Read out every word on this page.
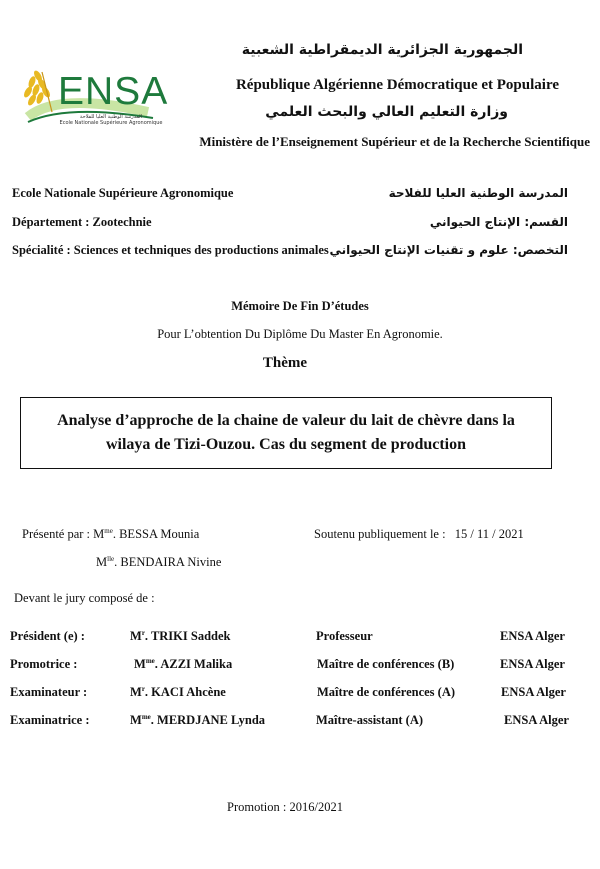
ENSA
المدرسة الوطنية العليا للفلاحة
Ecole Nationale Supérieure Agronomique
الجمهورية الجزائرية الديمقراطية الشعبية
République Algérienne Démocratique et Populaire
وزارة التعليم العالي والبحث العلمي
Ministère de l’Enseignement Supérieur et de la Recherche Scientifique
Ecole Nationale Supérieure Agronomique	المدرسة الوطنية العليا للفلاحة
Département : Zootechnie	القسم: الإنتاج الحيواني
Spécialité : Sciences et techniques des productions animales التخصص: علوم و تقنيات الإنتاج الحيواني
Mémoire De Fin D’études
Pour L’obtention Du Diplôme Du Master En Agronomie.
Thème
Analyse d’approche de la chaine de valeur du lait de chèvre dans la wilaya de Tizi-Ouzou. Cas du segment de production
Présenté par : $M^{me}$. BESSA Mounia
$M^{lle}$. BENDAIRA Nivine
Soutenu publiquement le : 15 / 11 / 2021
Devant le jury composé de :
Président (e) :	$M^r$. TRIKI Saddek	Professeur	ENSA Alger
Promotrice :	$M^{me}$. AZZI Malika	Maître de conférences (B)	ENSA Alger
Examinateur :	$M^r$. KACI Ahcène	Maître de conférences (A)	ENSA Alger
Examinatrice :	$M^{me}$. MERDJANE Lynda	Maître-assistant (A)	ENSA Alger
Promotion : 2016/2021
